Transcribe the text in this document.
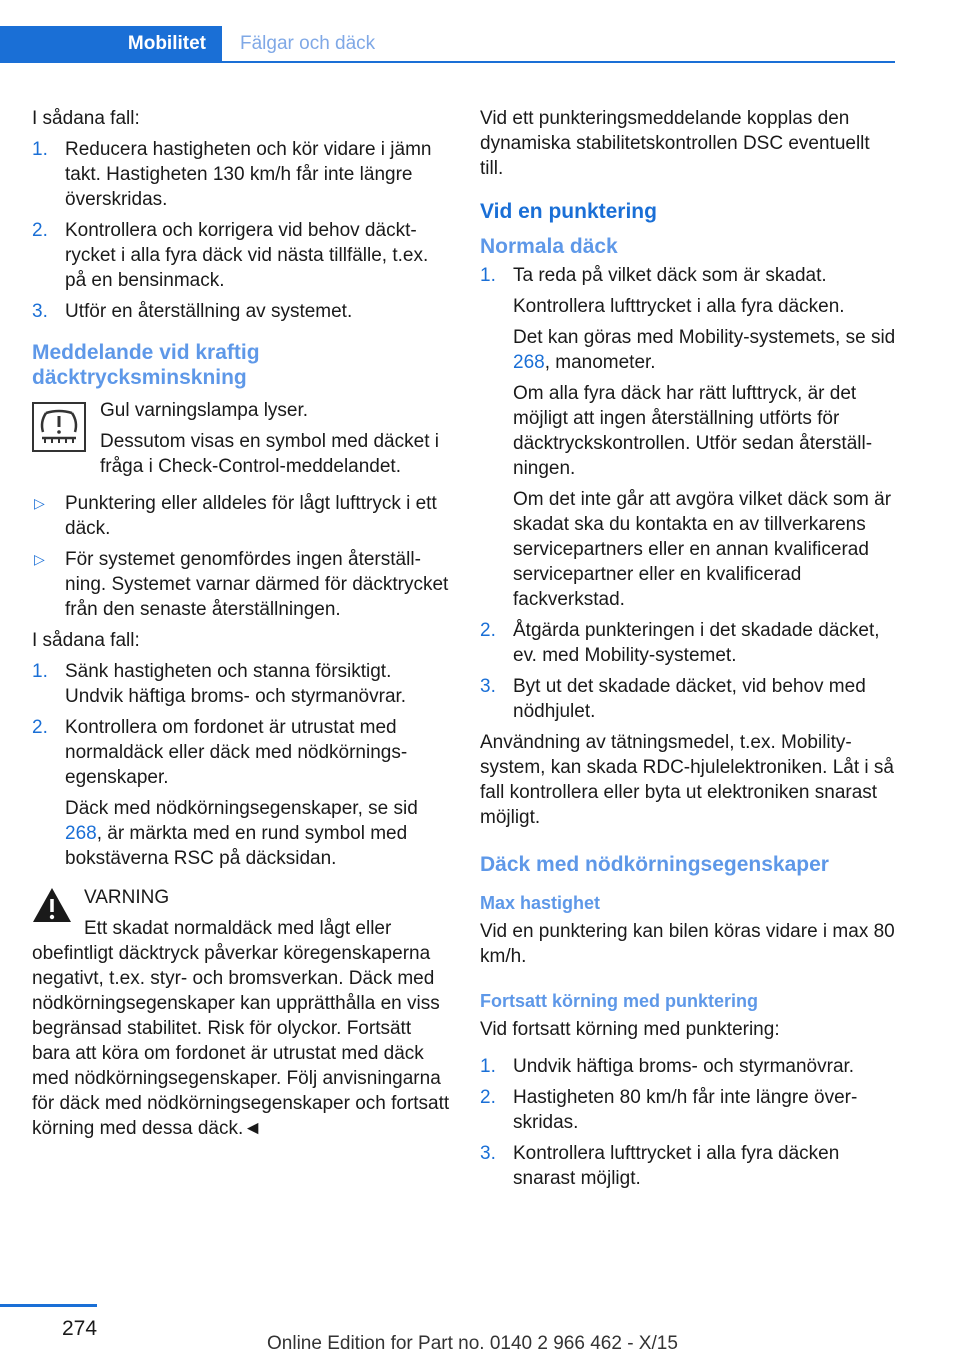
Mobilitet	Fälgar och däck

I sådana fall:

1. Reducera hastigheten och kör vidare i jämn takt. Hastigheten 130 km/h får inte längre överskridas.
2. Kontrollera och korrigera vid behov däcktrycket i alla fyra däck vid nästa tillfälle, t.ex. på en bensinmack.
3. Utför en återställning av systemet.
Meddelande vid kraftig däcktrycksminskning

Gul varningslampa lyser.

Dessutom visas en symbol med däcket i fråga i Check-Control-meddelandet.

▷ Punktering eller alldeles för lågt lufttryck i ett däck.
▷ För systemet genomfördes ingen återställning. Systemet varnar därmed för däcktrycket från den senaste återställningen.

I sådana fall:

1. Sänk hastigheten och stanna försiktigt. Undvik häftiga broms- och styrmanövrar.
2. Kontrollera om fordonet är utrustat med normaldäck eller däck med nödkörningsegenskaper.

Däck med nödkörningsegenskaper, se sid 268, är märkta med en rund symbol med bokstäverna RSC på däcksidan.

VARNING

Ett skadat normaldäck med lågt eller

obefintligt däcktryck påverkar köregenskaperna negativt, t.ex. styr- och bromsverkan. Däck med nödkörningsegenskaper kan upprätthålla en viss begränsad stabilitet. Risk för olyckor. Fortsätt bara att köra om fordonet är utrustat med däck med nödkörningsegenskaper. Följ anvisningarna för däck med nödkörningsegenskaper och fortsatt körning med dessa däck.◄

Vid ett punkteringsmeddelande kopplas den dynamiska stabilitetskontrollen DSC eventuellt till.

Vid en punktering
Normala däck
1. Ta reda på vilket däck som är skadat.

Kontrollera lufttrycket i alla fyra däcken.

Det kan göras med Mobility-systemets, se sid 268, manometer.

Om alla fyra däck har rätt lufttryck, är det möjligt att ingen återställning utförts för däcktryckskontrollen. Utför sedan återställningen.

Om det inte går att avgöra vilket däck som är skadat ska du kontakta en av tillverkarens servicepartners eller en annan kvalificerad servicepartner eller en kvalificerad fackverkstad.

2. Åtgärda punkteringen i det skadade däcket, ev. med Mobility-systemet.
3. Byt ut det skadade däcket, vid behov med nödhjulet.

Användning av tätningsmedel, t.ex. Mobility-system, kan skada RDC-hjulelektroniken. Låt i så fall kontrollera eller byta ut elektroniken snarast möjligt.

Däck med nödkörningsegenskaper
Max hastighet

Vid en punktering kan bilen köras vidare i max 80 km/h.

Fortsatt körning med punktering

Vid fortsatt körning med punktering:

1. Undvik häftiga broms- och styrmanövrar.
2. Hastigheten 80 km/h får inte längre överskridas.
3. Kontrollera lufttrycket i alla fyra däcken snarast möjligt.
274
Online Edition for Part no. 0140 2 966 462 - X/15
